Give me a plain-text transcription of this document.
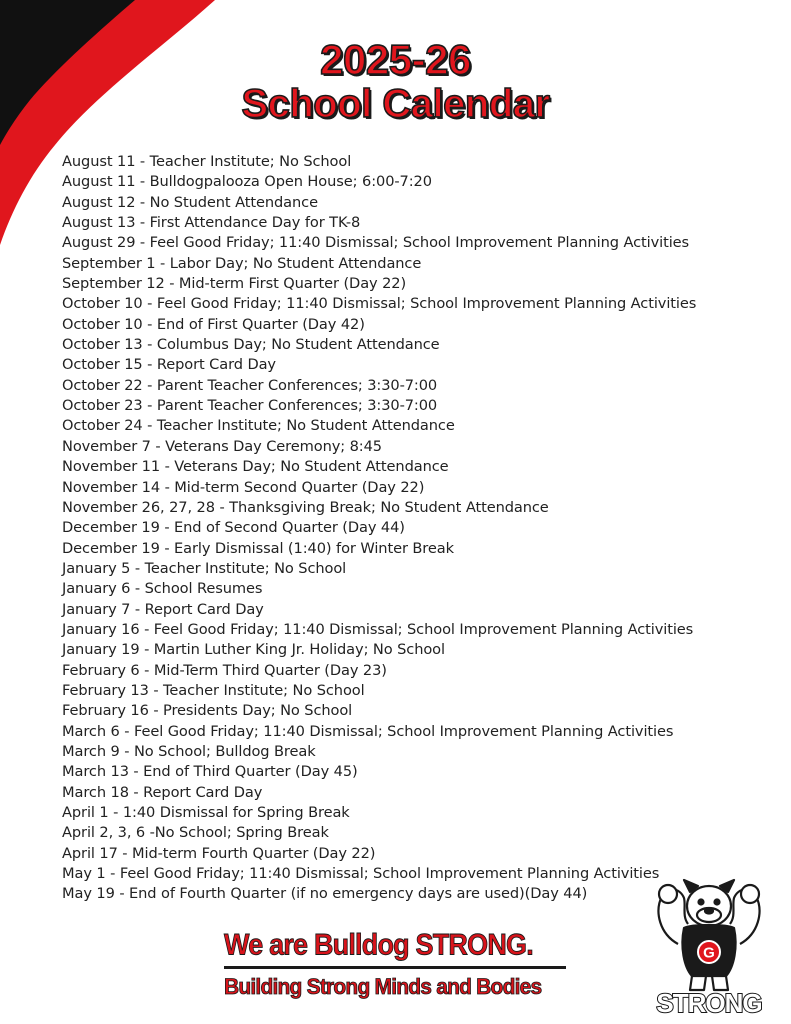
2025-26
School Calendar
August 11 - Teacher Institute; No School
August 11 - Bulldogpalooza Open House; 6:00-7:20
August 12 - No Student Attendance
August 13 - First Attendance Day for TK-8
August 29 - Feel Good Friday; 11:40 Dismissal; School Improvement Planning Activities
September 1 - Labor Day; No Student Attendance
September 12 - Mid-term First Quarter (Day 22)
October 10 - Feel Good Friday; 11:40 Dismissal; School Improvement Planning Activities
October 10 - End of First Quarter (Day 42)
October 13 - Columbus Day; No Student Attendance
October 15 - Report Card Day
October 22 - Parent Teacher Conferences; 3:30-7:00
October 23 - Parent Teacher Conferences; 3:30-7:00
October 24 - Teacher Institute; No Student Attendance
November 7 - Veterans Day Ceremony; 8:45
November 11 - Veterans Day; No Student Attendance
November 14 - Mid-term Second Quarter (Day 22)
November 26, 27, 28 - Thanksgiving Break; No Student Attendance
December 19 - End of Second Quarter (Day 44)
December 19 - Early Dismissal (1:40) for Winter Break
January 5 - Teacher Institute; No School
January 6 - School Resumes
January 7 - Report Card Day
January 16 - Feel Good Friday; 11:40 Dismissal; School Improvement Planning Activities
January 19 - Martin Luther King Jr. Holiday; No School
February 6 - Mid-Term Third Quarter (Day 23)
February 13 - Teacher Institute; No School
February 16 - Presidents Day; No School
March 6 - Feel Good Friday; 11:40 Dismissal; School Improvement Planning Activities
March 9 - No School; Bulldog Break
March 13 - End of Third Quarter (Day 45)
March 18 - Report Card Day
April 1 - 1:40 Dismissal for Spring Break
April 2, 3, 6 -No School; Spring Break
April 17 - Mid-term Fourth Quarter (Day 22)
May 1 - Feel Good Friday; 11:40 Dismissal; School Improvement Planning Activities
May 19 - End of Fourth Quarter (if no emergency days are used)(Day 44)
We are Bulldog STRONG.
Building Strong Minds and Bodies
G
STRONG
